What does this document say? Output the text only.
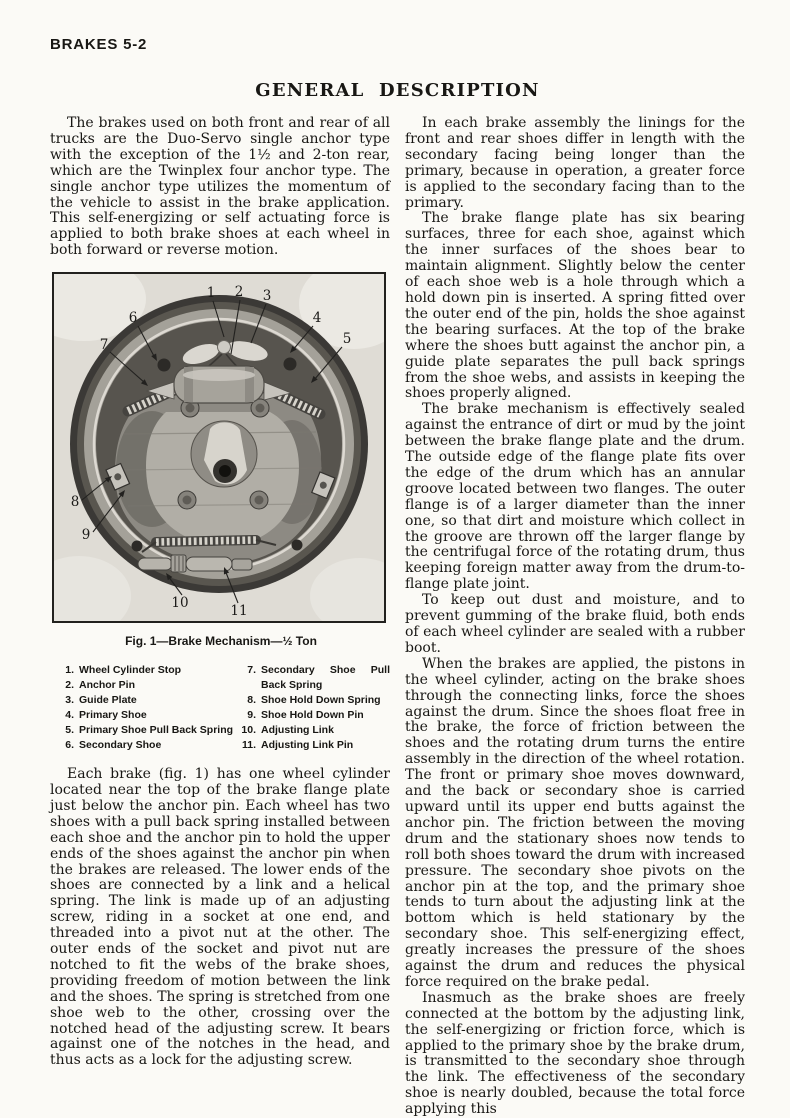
BRAKES 5-2
GENERAL DESCRIPTION

The brakes used on both front and rear of all trucks are the Duo-Servo single anchor type with the exception of the 1½ and 2-ton rear, which are the Twinplex four anchor type. The single anchor type utilizes the momentum of the vehicle to assist in the brake application. This self-energizing or self actuating force is applied to both brake shoes at each wheel in both forward or reverse motion.

1 2 3
4
5
6
7
8
9
10	11
Fig. 1—Brake Mechanism—½ Ton
1. Wheel Cylinder Stop
2. Anchor Pin
3. Guide Plate
4. Primary Shoe
5. Primary Shoe Pull Back Spring
6. Secondary Shoe
7. Secondary Shoe Pull Back Spring
8. Shoe Hold Down Spring
9. Shoe Hold Down Pin
10. Adjusting Link
11. Adjusting Link Pin

Each brake (fig. 1) has one wheel cylinder located near the top of the brake flange plate just below the anchor pin. Each wheel has two shoes with a pull back spring installed between each shoe and the anchor pin to hold the upper ends of the shoes against the anchor pin when the brakes are released. The lower ends of the shoes are connected by a link and a helical spring. The link is made up of an adjusting screw, riding in a socket at one end, and threaded into a pivot nut at the other. The outer ends of the socket and pivot nut are notched to fit the webs of the brake shoes, providing freedom of motion between the link and the shoes. The spring is stretched from one shoe web to the other, crossing over the notched head of the adjusting screw. It bears against one of the notches in the head, and thus acts as a lock for the adjusting screw.

In each brake assembly the linings for the front and rear shoes differ in length with the secondary facing being longer than the primary, because in operation, a greater force is applied to the secondary facing than to the primary.

The brake flange plate has six bearing surfaces, three for each shoe, against which the inner surfaces of the shoes bear to maintain alignment. Slightly below the center of each shoe web is a hole through which a hold down pin is inserted. A spring fitted over the outer end of the pin, holds the shoe against the bearing surfaces. At the top of the brake where the shoes butt against the anchor pin, a guide plate separates the pull back springs from the shoe webs, and assists in keeping the shoes properly aligned.

The brake mechanism is effectively sealed against the entrance of dirt or mud by the joint between the brake flange plate and the drum. The outside edge of the flange plate fits over the edge of the drum which has an annular groove located between two flanges. The outer flange is of a larger diameter than the inner one, so that dirt and moisture which collect in the groove are thrown off the larger flange by the centrifugal force of the rotating drum, thus keeping foreign matter away from the drum-to-flange plate joint.

To keep out dust and moisture, and to prevent gumming of the brake fluid, both ends of each wheel cylinder are sealed with a rubber boot.

When the brakes are applied, the pistons in the wheel cylinder, acting on the brake shoes through the connecting links, force the shoes against the drum. Since the shoes float free in the brake, the force of friction between the shoes and the rotating drum turns the entire assembly in the direction of the wheel rotation. The front or primary shoe moves downward, and the back or secondary shoe is carried upward until its upper end butts against the anchor pin. The friction between the moving drum and the stationary shoes now tends to roll both shoes toward the drum with increased pressure. The secondary shoe pivots on the anchor pin at the top, and the primary shoe tends to turn about the adjusting link at the bottom which is held stationary by the secondary shoe. This self-energizing effect, greatly increases the pressure of the shoes against the drum and reduces the physical force required on the brake pedal.

Inasmuch as the brake shoes are freely connected at the bottom by the adjusting link, the self-energizing or friction force, which is applied to the primary shoe by the brake drum, is transmitted to the secondary shoe through the link. The effectiveness of the secondary shoe is nearly doubled, because the total force applying this
